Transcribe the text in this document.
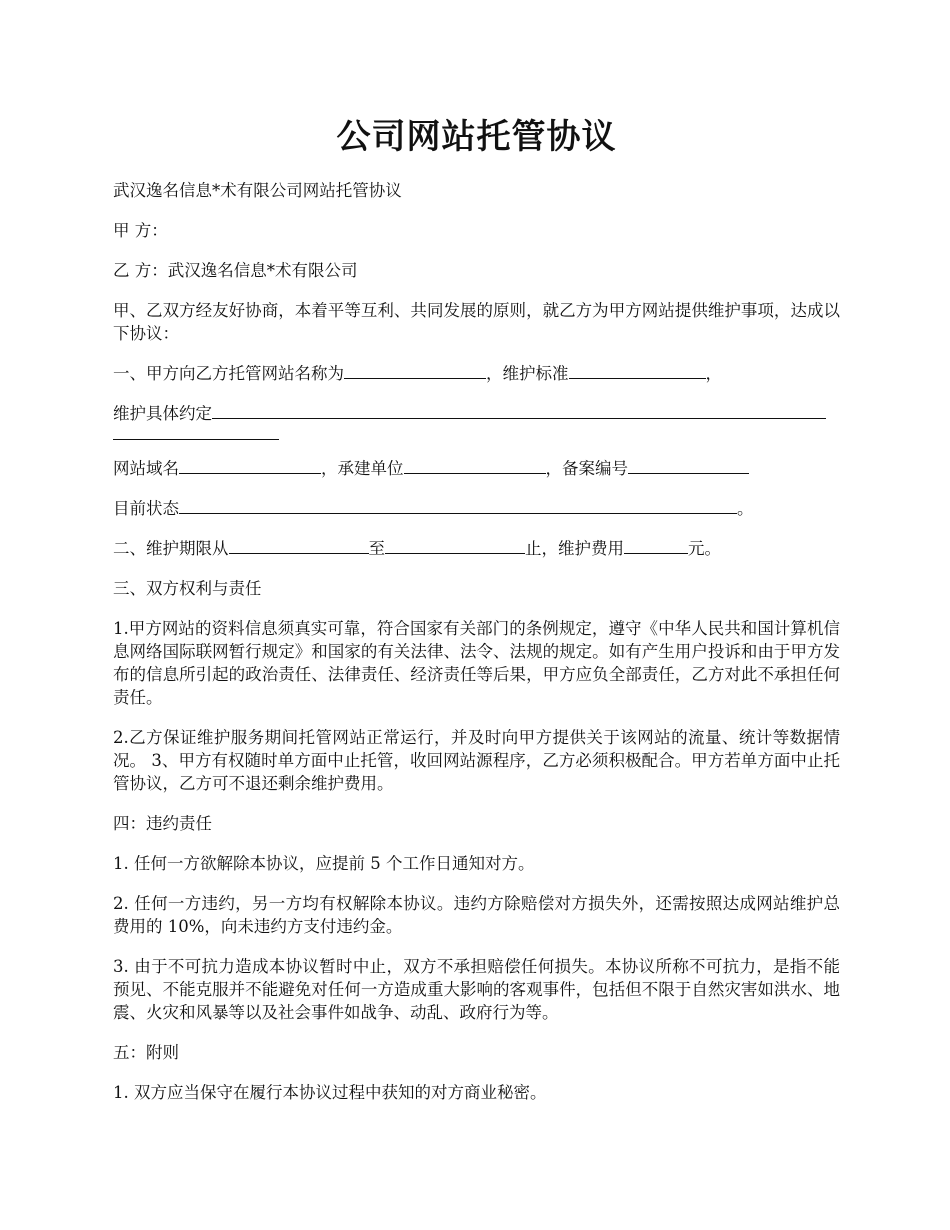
公司网站托管协议

武汉逸名信息*术有限公司网站托管协议

甲 方：

乙 方：武汉逸名信息*术有限公司

甲、乙双方经友好协商，本着平等互利、共同发展的原则，就乙方为甲方网站提供维护事项，达成以下协议：

一、甲方向乙方托管网站名称为	，维护标准	，

维护具体约定

网站域名	，承建单位	，备案编号

目前状态	。

二、维护期限从	至	止，维护费用	元。

三、双方权利与责任

1.甲方网站的资料信息须真实可靠，符合国家有关部门的条例规定，遵守《中华人民共和国计算机信息网络国际联网暂行规定》和国家的有关法律、法令、法规的规定。如有产生用户投诉和由于甲方发布的信息所引起的政治责任、法律责任、经济责任等后果，甲方应负全部责任，乙方对此不承担任何责任。

2.乙方保证维护服务期间托管网站正常运行，并及时向甲方提供关于该网站的流量、统计等数据情况。 3、甲方有权随时单方面中止托管，收回网站源程序，乙方必须积极配合。甲方若单方面中止托管协议，乙方可不退还剩余维护费用。

四：违约责任

1. 任何一方欲解除本协议，应提前 5 个工作日通知对方。

2. 任何一方违约，另一方均有权解除本协议。违约方除赔偿对方损失外，还需按照达成网站维护总费用的 10%，向未违约方支付违约金。

3. 由于不可抗力造成本协议暂时中止，双方不承担赔偿任何损失。本协议所称不可抗力，是指不能预见、不能克服并不能避免对任何一方造成重大影响的客观事件，包括但不限于自然灾害如洪水、地震、火灾和风暴等以及社会事件如战争、动乱、政府行为等。

五：附则

1. 双方应当保守在履行本协议过程中获知的对方商业秘密。
